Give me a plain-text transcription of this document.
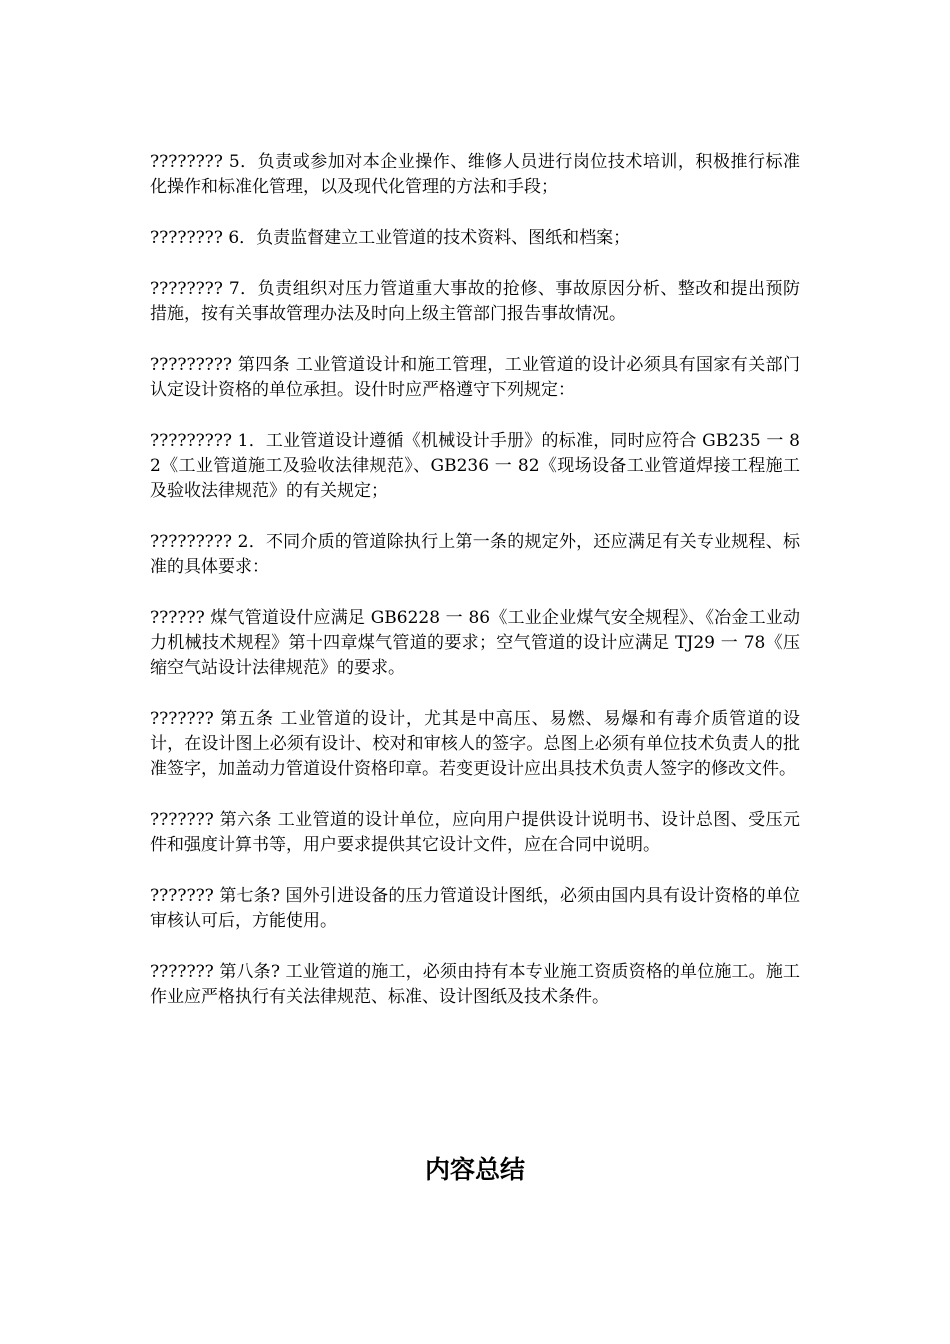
???????? 5．负责或参加对本企业操作、维修人员进行岗位技术培训，积极推行标准化操作和标准化管理，以及现代化管理的方法和手段；

???????? 6．负责监督建立工业管道的技术资料、图纸和档案；

???????? 7．负责组织对压力管道重大事故的抢修、事故原因分析、整改和提出预防措施，按有关事故管理办法及时向上级主管部门报告事故情况。

????????? 第四条 工业管道设计和施工管理，工业管道的设计必须具有国家有关部门认定设计资格的单位承担。设什时应严格遵守下列规定：

????????? 1．工业管道设计遵循《机械设计手册》的标准，同时应符合 GB235 一 82《工业管道施工及验收法律规范》、GB236 一 82《现场设备工业管道焊接工程施工及验收法律规范》的有关规定；

????????? 2．不同介质的管道除执行上第一条的规定外，还应满足有关专业规程、标准的具体要求：

?????? 煤气管道设什应满足 GB6228 一 86《工业企业煤气安全规程》、《冶金工业动力机械技术规程》第十四章煤气管道的要求；空气管道的设计应满足 TJ29 一 78《压缩空气站设计法律规范》的要求。

??????? 第五条 工业管道的设计，尤其是中高压、易燃、易爆和有毒介质管道的设计，在设计图上必须有设计、校对和审核人的签字。总图上必须有单位技术负责人的批准签字，加盖动力管道设什资格印章。若变更设计应出具技术负责人签字的修改文件。

??????? 第六条 工业管道的设计单位，应向用户提供设计说明书、设计总图、受压元件和强度计算书等，用户要求提供其它设计文件，应在合同中说明。

??????? 第七条? 国外引进设备的压力管道设计图纸，必须由国内具有设计资格的单位审核认可后，方能使用。

??????? 第八条? 工业管道的施工，必须由持有本专业施工资质资格的单位施工。施工作业应严格执行有关法律规范、标准、设计图纸及技术条件。

内容总结
